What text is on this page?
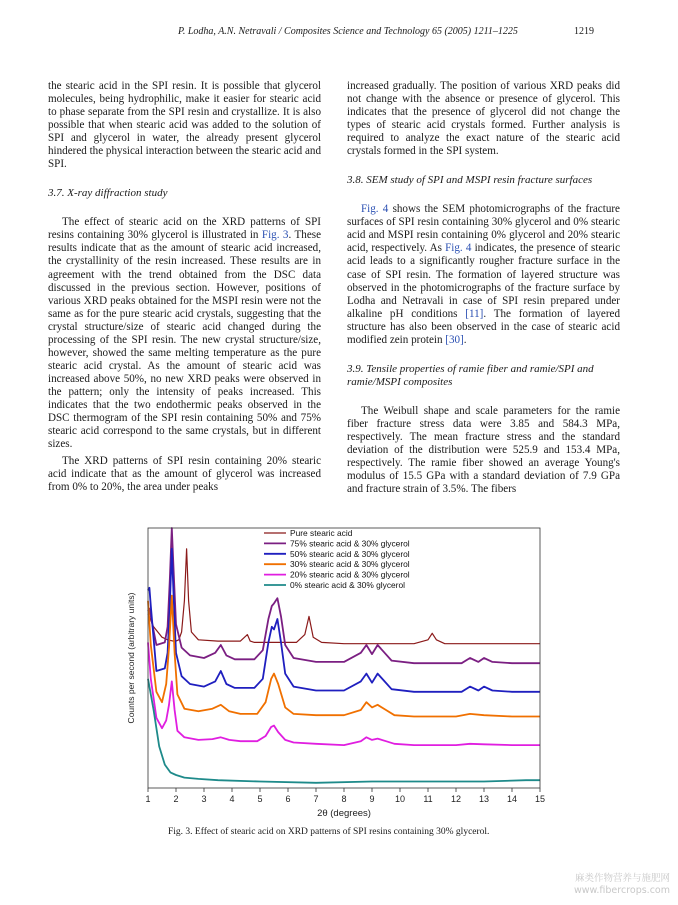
P. Lodha, A.N. Netravali / Composites Science and Technology 65 (2005) 1211–1225	1219

the stearic acid in the SPI resin. It is possible that glycerol molecules, being hydrophilic, make it easier for stearic acid to phase separate from the SPI resin and crystallize. It is also possible that when stearic acid was added to the solution of SPI and glycerol in water, the already present glycerol hindered the physical interaction between the stearic acid and SPI.

3.7. X-ray diffraction study

The effect of stearic acid on the XRD patterns of SPI resins containing 30% glycerol is illustrated in Fig. 3. These results indicate that as the amount of stearic acid increased, the crystallinity of the resin increased. These results are in agreement with the trend obtained from the DSC data discussed in the previous section. However, positions of various XRD peaks obtained for the MSPI resin were not the same as for the pure stearic acid crystals, suggesting that the crystal structure/size of stearic acid changed during the processing of the SPI resin. The new crystal structure/size, however, showed the same melting temperature as the pure stearic acid crystal. As the amount of stearic acid was increased above 50%, no new XRD peaks were observed in the pattern; only the intensity of peaks increased. This indicates that the two endothermic peaks observed in the DSC thermogram of the SPI resin containing 50% and 75% stearic acid correspond to the same crystals, but in different sizes.

The XRD patterns of SPI resin containing 20% stearic acid indicate that as the amount of glycerol was increased from 0% to 20%, the area under peaks

increased gradually. The position of various XRD peaks did not change with the absence or presence of glycerol. This indicates that the presence of glycerol did not change the types of stearic acid crystals formed. Further analysis is required to analyze the exact nature of the stearic acid crystals formed in the SPI system.

3.8. SEM study of SPI and MSPI resin fracture surfaces

Fig. 4 shows the SEM photomicrographs of the fracture surfaces of SPI resin containing 30% glycerol and 0% stearic acid and MSPI resin containing 0% glycerol and 20% stearic acid, respectively. As Fig. 4 indicates, the presence of stearic acid leads to a significantly rougher fracture surface in the case of SPI resin. The formation of layered structure was observed in the photomicrographs of the fracture surface by Lodha and Netravali in case of SPI resin prepared under alkaline pH conditions [11]. The formation of layered structure has also been observed in the case of stearic acid modified zein protein [30].

3.9. Tensile properties of ramie fiber and ramie/SPI and ramie/MSPI composites

The Weibull shape and scale parameters for the ramie fiber fracture stress data were 3.85 and 584.3 MPa, respectively. The mean fracture stress and the standard deviation of the distribution were 525.9 and 153.4 MPa, respectively. The ramie fiber showed an average Young's modulus of 15.5 GPa with a standard deviation of 7.9 GPa and fracture strain of 3.5%. The fibers

1	2	3	4	5	6	7	8	9 10 11 12 13 14 15
2θ (degrees)
Counts per second (arbitrary units)
Pure stearic acid
75% stearic acid & 30% glycerol
50% stearic acid & 30% glycerol
30% stearic acid & 30% glycerol
20% stearic acid & 30% glycerol
0% stearic acid & 30% glycerol
Fig. 3. Effect of stearic acid on XRD patterns of SPI resins containing 30% glycerol.
麻类作物营养与施肥网
www.fibercrops.com
